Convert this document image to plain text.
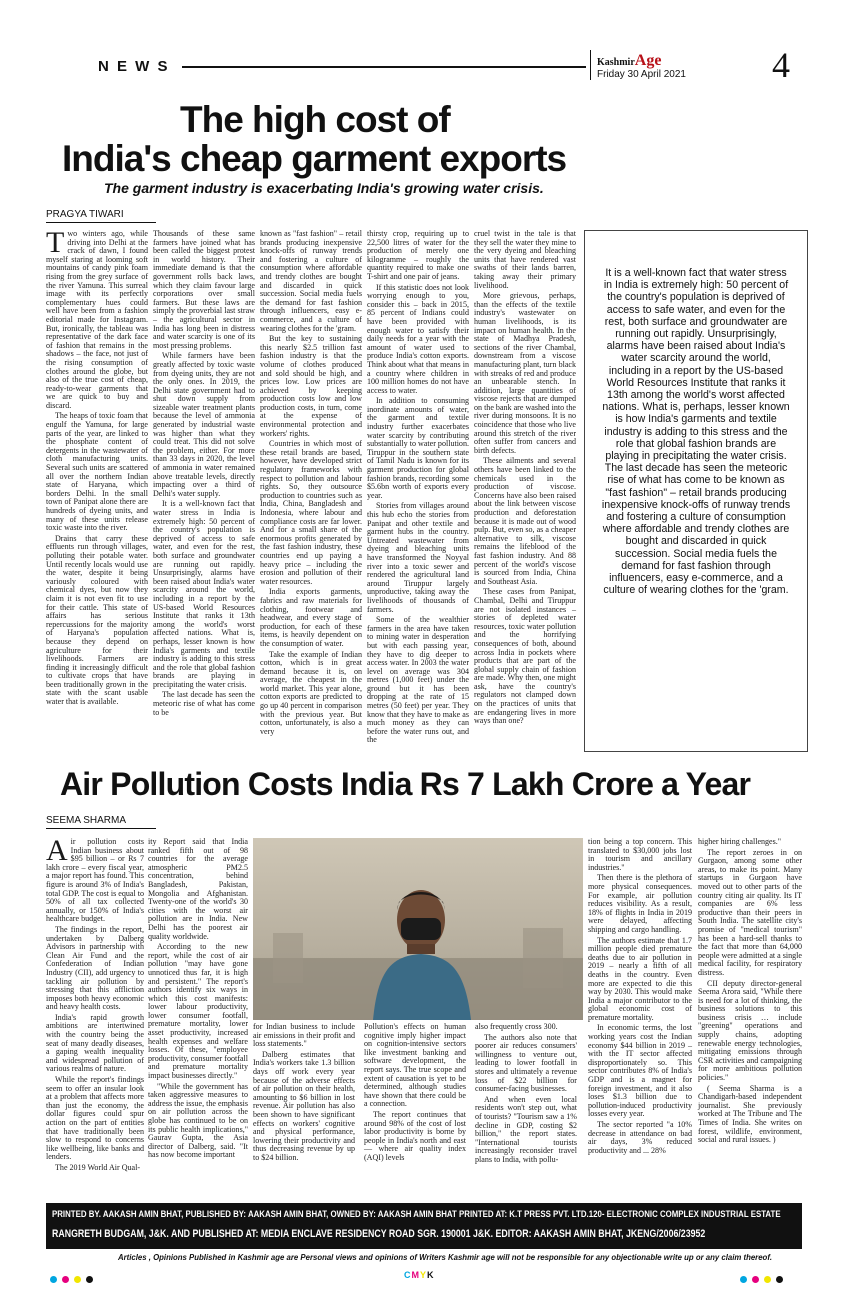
N E W S	KashmirAge
Friday 30 April 2021 4
The high cost of
India's cheap garment exports
The garment industry is exacerbating India's growing water crisis.
PRAGYA TIWARI

Two winters ago, while driving into Delhi at the crack of dawn, I found myself staring at looming soft mountains of candy pink foam rising from the grey surface of the river Yamuna. This surreal image with its perfectly complementary hues could well have been from a fashion editorial made for Instagram. But, ironically, the tableau was representative of the dark face of fashion that remains in the shadows – the face, not just of the rising consumption of clothes around the globe, but also of the true cost of cheap, ready-to-wear garments that we are quick to buy and discard.

The heaps of toxic foam that engulf the Yamuna, for large parts of the year, are linked to the phosphate content of detergents in the wastewater of cloth manufacturing units. Several such units are scattered all over the northern Indian state of Haryana, which borders Delhi. In the small town of Panipat alone there are hundreds of dyeing units, and many of these units release toxic waste into the river.

Drains that carry these effluents run through villages, polluting their potable water. Until recently locals would use the water, despite it being variously coloured with chemical dyes, but now they claim it is not even fit to use for their cattle. This state of affairs has serious repercussions for the majority of Haryana's population because they depend on agriculture for their livelihoods. Farmers are finding it increasingly difficult to cultivate crops that have been traditionally grown in the state with the scant usable water that is available.

Thousands of these same farmers have joined what has been called the biggest protest in world history. Their immediate demand is that the government rolls back laws, which they claim favour large corporations over small farmers. But these laws are simply the proverbial last straw – the agricultural sector in India has long been in distress and water scarcity is one of its most pressing problems.

While farmers have been greatly affected by toxic waste from dyeing units, they are not the only ones. In 2019, the Delhi state government had to shut down supply from sizeable water treatment plants because the level of ammonia generated by industrial waste was higher than what they could treat. This did not solve the problem, either. For more than 33 days in 2020, the level of ammonia in water remained above treatable levels, directly impacting over a third of Delhi's water supply.

It is a well-known fact that water stress in India is extremely high: 50 percent of the country's population is deprived of access to safe water, and even for the rest, both surface and groundwater are running out rapidly. Unsurprisingly, alarms have been raised about India's water scarcity around the world, including in a report by the US-based World Resources Institute that ranks it 13th among the world's worst affected nations. What is, perhaps, lesser known is how India's garments and textile industry is adding to this stress and the role that global fashion brands are playing in precipitating the water crisis.

The last decade has seen the meteoric rise of what has come to be

known as "fast fashion" – retail brands producing inexpensive knock-offs of runway trends and fostering a culture of consumption where affordable and trendy clothes are bought and discarded in quick succession. Social media fuels the demand for fast fashion through influencers, easy e-commerce, and a culture of wearing clothes for the 'gram.

But the key to sustaining this nearly $2.5 trillion fast fashion industry is that the volume of clothes produced and sold should be high, and prices low. Low prices are achieved by keeping production costs low and low production costs, in turn, come at the expense of environmental protection and workers' rights.

Countries in which most of these retail brands are based, however, have developed strict regulatory frameworks with respect to pollution and labour rights. So, they outsource production to countries such as India, China, Bangladesh and Indonesia, where labour and compliance costs are far lower. And for a small share of the enormous profits generated by the fast fashion industry, these countries end up paying a heavy price – including the erosion and pollution of their water resources.

India exports garments, fabrics and raw materials for clothing, footwear and headwear, and every stage of production, for each of these items, is heavily dependent on the consumption of water.

Take the example of Indian cotton, which is in great demand because it is, on average, the cheapest in the world market. This year alone, cotton exports are predicted to go up 40 percent in comparison with the previous year. But cotton, unfortunately, is also a very

thirsty crop, requiring up to 22,500 litres of water for the production of merely one kilogramme – roughly the quantity required to make one T-shirt and one pair of jeans.

If this statistic does not look worrying enough to you, consider this – back in 2015, 85 percent of Indians could have been provided with enough water to satisfy their daily needs for a year with the amount of water used to produce India's cotton exports. Think about what that means in a country where children in 100 million homes do not have access to water.

In addition to consuming inordinate amounts of water, the garment and textile industry further exacerbates water scarcity by contributing substantially to water pollution. Tiruppur in the southern state of Tamil Nadu is known for its garment production for global fashion brands, recording some $5.6bn worth of exports every year.

Stories from villages around this hub echo the stories from Panipat and other textile and garment hubs in the country. Untreated wastewater from dyeing and bleaching units have transformed the Noyyal river into a toxic sewer and rendered the agricultural land around Tiruppur largely unproductive, taking away the livelihoods of thousands of farmers.

Some of the wealthier farmers in the area have taken to mining water in desperation but with each passing year, they have to dig deeper to access water. In 2003 the water level on average was 304 metres (1,000 feet) under the ground but it has been dropping at the rate of 15 metres (50 feet) per year. They know that they have to make as much money as they can before the water runs out, and the

cruel twist in the tale is that they sell the water they mine to the very dyeing and bleaching units that have rendered vast swaths of their lands barren, taking away their primary livelihood.

More grievous, perhaps, than the effects of the textile industry's wastewater on human livelihoods, is its impact on human health. In the state of Madhya Pradesh, sections of the river Chambal, downstream from a viscose manufacturing plant, turn black with streaks of red and produce an unbearable stench. In addition, large quantities of viscose rejects that are dumped on the bank are washed into the river during monsoons. It is no coincidence that those who live around this stretch of the river often suffer from cancers and birth defects.

These ailments and several others have been linked to the chemicals used in the production of viscose. Concerns have also been raised about the link between viscose production and deforestation because it is made out of wood pulp. But, even so, as a cheaper alternative to silk, viscose remains the lifeblood of the fast fashion industry. And 88 percent of the world's viscose is sourced from India, China and Southeast Asia.

These cases from Panipat, Chambal, Delhi and Tiruppur are not isolated instances – stories of depleted water resources, toxic water pollution and the horrifying consequences of both, abound across India in pockets where products that are part of the global supply chain of fashion are made. Why then, one might ask, have the country's regulators not clamped down on the practices of units that are endangering lives in more ways than one?

It is a well-known fact that water stress in India is extremely high: 50 percent of the country's population is deprived of access to safe water, and even for the rest, both surface and groundwater are running out rapidly. Unsurprisingly, alarms have been raised about India's water scarcity around the world, including in a report by the US-based World Resources Institute that ranks it 13th among the world's worst affected nations. What is, perhaps, lesser known is how India's garments and textile industry is adding to this stress and the role that global fashion brands are playing in precipitating the water crisis. The last decade has seen the meteoric rise of what has come to be known as "fast fashion" – retail brands producing inexpensive knock-offs of runway trends and fostering a culture of consumption where affordable and trendy clothes are bought and discarded in quick succession. Social media fuels the demand for fast fashion through influencers, easy e-commerce, and a culture of wearing clothes for the 'gram.
Air Pollution Costs India Rs 7 Lakh Crore a Year
SEEMA SHARMA

Air pollution costs Indian business about $95 billion – or Rs 7 lakh crore – every fiscal year, a major report has found. This figure is around 3% of India's total GDP. The cost is equal to 50% of all tax collected annually, or 150% of India's healthcare budget.

The findings in the report, undertaken by Dalberg Advisors in partnership with Clean Air Fund and the Confederation of Indian Industry (CII), add urgency to tackling air pollution by stressing that this affliction imposes both heavy economic and heavy health costs.

India's rapid growth ambitions are intertwined with the country being the seat of many deadly diseases, a gaping wealth inequality and widespread pollution of various realms of nature.

While the report's findings seem to offer an insular look at a problem that affects more than just the economy, the dollar figures could spur action on the part of entities that have traditionally been slow to respond to concerns like wellbeing, like banks and lenders.

The 2019 World Air Qual-

ity Report said that India ranked fifth out of 98 countries for the average atmospheric PM2.5 concentration, behind Bangladesh, Pakistan, Mongolia and Afghanistan. Twenty-one of the world's 30 cities with the worst air pollution are in India. New Delhi has the poorest air quality worldwide.

According to the new report, while the cost of air pollution "may have gone unnoticed thus far, it is high and persistent." The report's authors identify six ways in which this cost manifests: lower labour productivity, lower consumer footfall, premature mortality, lower asset productivity, increased health expenses and welfare losses. Of these, "employee productivity, consumer footfall and premature mortality impact businesses directly."

"While the government has taken aggressive measures to address the issue, the emphasis on air pollution across the globe has continued to be on its public health implications," Gaurav Gupta, the Asia director of Dalberg, said. "It has now become important

for Indian business to include air emissions in their profit and loss statements."

Dalberg estimates that India's workers take 1.3 billion days off work every year because of the adverse effects of air pollution on their health, amounting to $6 billion in lost revenue. Air pollution has also been shown to have significant effects on workers' cognitive and physical performance, lowering their productivity and thus decreasing revenue by up to $24 billion.

Pollution's effects on human cognitive imply higher impact on cognition-intensive sectors like investment banking and software development, the report says. The true scope and extent of causation is yet to be determined, although studies have shown that there could be a connection.

The report continues that around 98% of the cost of lost labor productivity is borne by people in India's north and east — where air quality index (AQI) levels

also frequently cross 300.

The authors also note that poorer air reduces consumers' willingness to venture out, leading to lower footfall in stores and ultimately a revenue loss of $22 billion for consumer-facing businesses.

And when even local residents won't step out, what of tourists? "Tourism saw a 1% decline in GDP, costing $2 billion," the report states. "International tourists increasingly reconsider travel plans to India, with pollu-

tion being a top concern. This translated to $30,000 jobs lost in tourism and ancillary industries."

Then there is the plethora of more physical consequences. For example, air pollution reduces visibility. As a result, 18% of flights in India in 2019 were delayed, affecting shipping and cargo handling.

The authors estimate that 1.7 million people died premature deaths due to air pollution in 2019 – nearly a fifth of all deaths in the country. Even more are expected to die this way by 2030. This would make India a major contributor to the global economic cost of premature mortality.

In economic terms, the lost working years cost the Indian economy $44 billion in 2019 – with the IT sector affected disproportionately so. This sector contributes 8% of India's GDP and is a magnet for foreign investment, and it also loses $1.3 billion due to pollution-induced productivity losses every year.

The sector reported "a 10% decrease in attendance on bad air days, 3% reduced productivity and ... 28%

higher hiring challenges."

The report zeroes in on Gurgaon, among some other areas, to make its point. Many startups in Gurgaon have moved out to other parts of the country citing air quality. Its IT companies are 6% less productive than their peers in South India. The satellite city's promise of "medical tourism" has been a hard-sell thanks to the fact that more than 64,000 people were admitted at a single medical facility, for respiratory distress.

CII deputy director-general Seema Arora said, "While there is need for a lot of thinking, the business solutions to this business crisis … include "greening" operations and supply chains, adopting renewable energy technologies, mitigating emissions through CSR activities and campaigning for more ambitious pollution policies."

( Seema Sharma is a Chandigarh-based independent journalist. She previously worked at The Tribune and The Times of India. She writes on forest, wildlife, environment, social and rural issues. )

PRINTED BY. AAKASH AMIN BHAT, PUBLISHED BY: AAKASH AMIN BHAT, OWNED BY: AAKASH AMIN BHAT PRINTED AT: K.T PRESS PVT. LTD.120- ELECTRONIC COMPLEX INDUSTRIAL ESTATE
RANGRETH BUDGAM, J&K. AND PUBLISHED AT: MEDIA ENCLAVE RESIDENCY ROAD SGR. 190001 J&K. EDITOR: AAKASH AMIN BHAT, JKENG/2006/23952
Articles , Opinions Published in Kashmir age are Personal views and opinions of Writers Kashmir age will not be responsible for any objectionable write up or any claim thereof.
CMYK
